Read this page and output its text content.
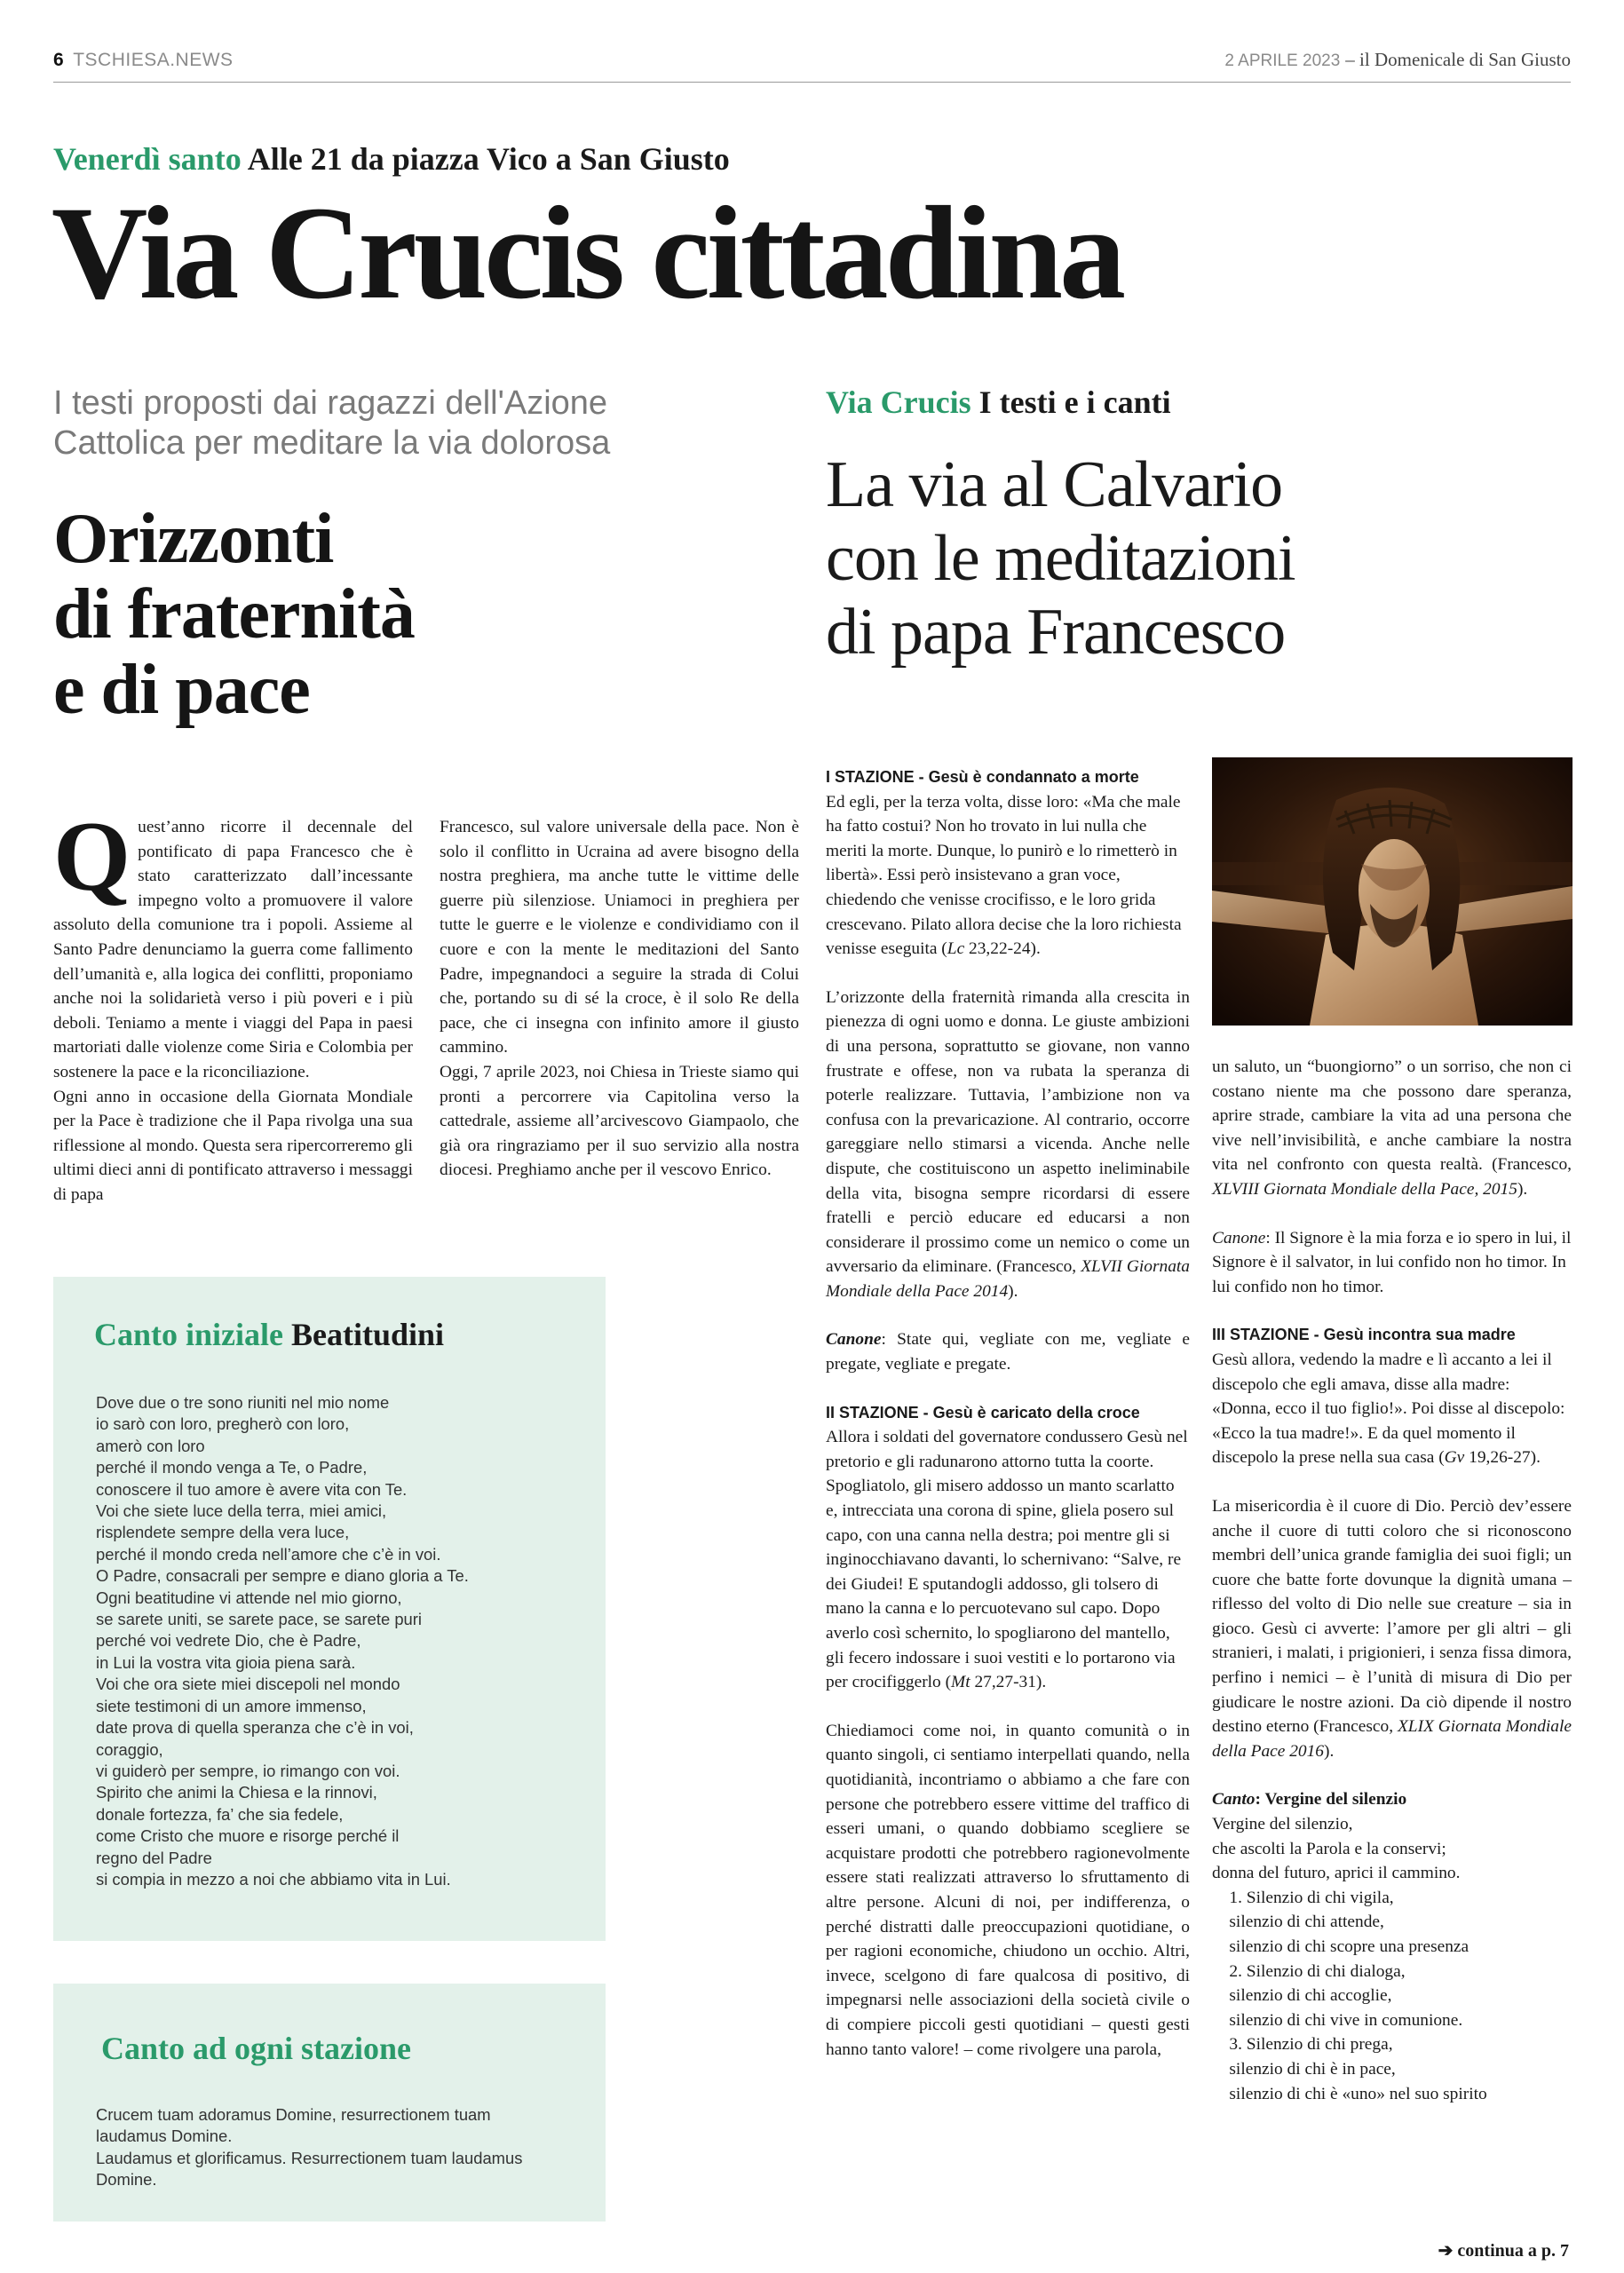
6 TSCHIESA.NEWS	2 APRILE 2023 – il Domenicale di San Giusto
Venerdì santo Alle 21 da piazza Vico a San Giusto
Via Crucis cittadina
I testi proposti dai ragazzi dell'Azione
Cattolica per meditare la via dolorosa
Orizzonti
di fraternità
e di pace

Quest’anno ricorre il decennale del pontificato di papa Francesco che è stato caratterizzato dall’incessante impegno volto a promuovere il valore assoluto della comunione tra i popoli. Assieme al Santo Padre denunciamo la guerra come fallimento dell’umanità e, alla logica dei conflitti, proponiamo anche noi la solidarietà verso i più poveri e i più deboli. Teniamo a mente i viaggi del Papa in paesi martoriati dalle violenze come Siria e Colombia per sostenere la pace e la riconciliazione.

Ogni anno in occasione della Giornata Mondiale per la Pace è tradizione che il Papa rivolga una sua riflessione al mondo. Questa sera ripercorreremo gli ultimi dieci anni di pontificato attraverso i messaggi di papa

Francesco, sul valore universale della pace. Non è solo il conflitto in Ucraina ad avere bisogno della nostra preghiera, ma anche tutte le vittime delle guerre più silenziose. Uniamoci in preghiera per tutte le guerre e le violenze e condividiamo con il cuore e con la mente le meditazioni del Santo Padre, impegnandoci a seguire la strada di Colui che, portando su di sé la croce, è il solo Re della pace, che ci insegna con infinito amore il giusto cammino.

Oggi, 7 aprile 2023, noi Chiesa in Trieste siamo qui pronti a percorrere via Capitolina verso la cattedrale, assieme all’arcivescovo Giampaolo, che già ora ringraziamo per il suo servizio alla nostra diocesi. Preghiamo anche per il vescovo Enrico.

Canto iniziale Beatitudini
Dove due o tre sono riuniti nel mio nome
io sarò con loro, pregherò con loro,
amerò con loro
perché il mondo venga a Te, o Padre,
conoscere il tuo amore è avere vita con Te.
Voi che siete luce della terra, miei amici,
risplendete sempre della vera luce,
perché il mondo creda nell’amore che c’è in voi.
O Padre, consacrali per sempre e diano gloria a Te.
Ogni beatitudine vi attende nel mio giorno,
se sarete uniti, se sarete pace, se sarete puri
perché voi vedrete Dio, che è Padre,
in Lui la vostra vita gioia piena sarà.
Voi che ora siete miei discepoli nel mondo
siete testimoni di un amore immenso,
date prova di quella speranza che c’è in voi,
coraggio,
vi guiderò per sempre, io rimango con voi.
Spirito che animi la Chiesa e la rinnovi,
donale fortezza, fa’ che sia fedele,
come Cristo che muore e risorge perché il
regno del Padre
si compia in mezzo a noi che abbiamo vita in Lui.
Canto ad ogni stazione
Crucem tuam adoramus Domine, resurrectionem tuam
laudamus Domine.
Laudamus et glorificamus. Resurrectionem tuam laudamus
Domine.
Via Crucis I testi e i canti
La via al Calvario
con le meditazioni
di papa Francesco

I STAZIONE - Gesù è condannato a morte

Ed egli, per la terza volta, disse loro: «Ma che male ha fatto costui? Non ho trovato in lui nulla che meriti la morte. Dunque, lo punirò e lo rimetterò in libertà». Essi però insistevano a gran voce, chiedendo che venisse crocifisso, e le loro grida crescevano. Pilato allora decise che la loro richiesta venisse eseguita (Lc 23,22-24).

L’orizzonte della fraternità rimanda alla crescita in pienezza di ogni uomo e donna. Le giuste ambizioni di una persona, soprattutto se giovane, non vanno frustrate e offese, non va rubata la speranza di poterle realizzare. Tuttavia, l’ambizione non va confusa con la prevaricazione. Al contrario, occorre gareggiare nello stimarsi a vicenda. Anche nelle dispute, che costituiscono un aspetto ineliminabile della vita, bisogna sempre ricordarsi di essere fratelli e perciò educare ed educarsi a non considerare il prossimo come un nemico o come un avversario da eliminare. (Francesco, XLVII Giornata Mondiale della Pace 2014).

Canone: State qui, vegliate con me, vegliate e pregate, vegliate e pregate.

II STAZIONE - Gesù è caricato della croce

Allora i soldati del governatore condussero Gesù nel pretorio e gli radunarono attorno tutta la coorte. Spogliatolo, gli misero addosso un manto scarlatto e, intrecciata una corona di spine, gliela posero sul capo, con una canna nella destra; poi mentre gli si inginocchiavano davanti, lo schernivano: “Salve, re dei Giudei! E sputandogli addosso, gli tolsero di mano la canna e lo percuotevano sul capo. Dopo averlo così schernito, lo spogliarono del mantello, gli fecero indossare i suoi vestiti e lo portarono via per crocifiggerlo (Mt 27,27-31).

Chiediamoci come noi, in quanto comunità o in quanto singoli, ci sentiamo interpellati quando, nella quotidianità, incontriamo o abbiamo a che fare con persone che potrebbero essere vittime del traffico di esseri umani, o quando dobbiamo scegliere se acquistare prodotti che potrebbero ragionevolmente essere stati realizzati attraverso lo sfruttamento di altre persone. Alcuni di noi, per indifferenza, o perché distratti dalle preoccupazioni quotidiane, o per ragioni economiche, chiudono un occhio. Altri, invece, scelgono di fare qualcosa di positivo, di impegnarsi nelle associazioni della società civile o di compiere piccoli gesti quotidiani – questi gesti hanno tanto valore! – come rivolgere una parola,

un saluto, un “buongiorno” o un sorriso, che non ci costano niente ma che possono dare speranza, aprire strade, cambiare la vita ad una persona che vive nell’invisibilità, e anche cambiare la nostra vita nel confronto con questa realtà. (Francesco, XLVIII Giornata Mondiale della Pace, 2015).

Canone: Il Signore è la mia forza e io spero in lui, il Signore è il salvator, in lui confido non ho timor. In lui confido non ho timor.

III STAZIONE - Gesù incontra sua madre

Gesù allora, vedendo la madre e lì accanto a lei il discepolo che egli amava, disse alla madre: «Donna, ecco il tuo figlio!». Poi disse al discepolo: «Ecco la tua madre!». E da quel momento il discepolo la prese nella sua casa (Gv 19,26-27).

La misericordia è il cuore di Dio. Perciò dev’essere anche il cuore di tutti coloro che si riconoscono membri dell’unica grande famiglia dei suoi figli; un cuore che batte forte dovunque la dignità umana – riflesso del volto di Dio nelle sue creature – sia in gioco. Gesù ci avverte: l’amore per gli altri – gli stranieri, i malati, i prigionieri, i senza fissa dimora, perfino i nemici – è l’unità di misura di Dio per giudicare le nostre azioni. Da ciò dipende il nostro destino eterno (Francesco, XLIX Giornata Mondiale della Pace 2016).

Canto: Vergine del silenzio

Vergine del silenzio,
che ascolti la Parola e la conservi;
donna del futuro, aprici il cammino.
1. Silenzio di chi vigila,
silenzio di chi attende,
silenzio di chi scopre una presenza
2. Silenzio di chi dialoga,
silenzio di chi accoglie,
silenzio di chi vive in comunione.
3. Silenzio di chi prega,
silenzio di chi è in pace,
silenzio di chi è «uno» nel suo spirito
➔ continua a p. 7
